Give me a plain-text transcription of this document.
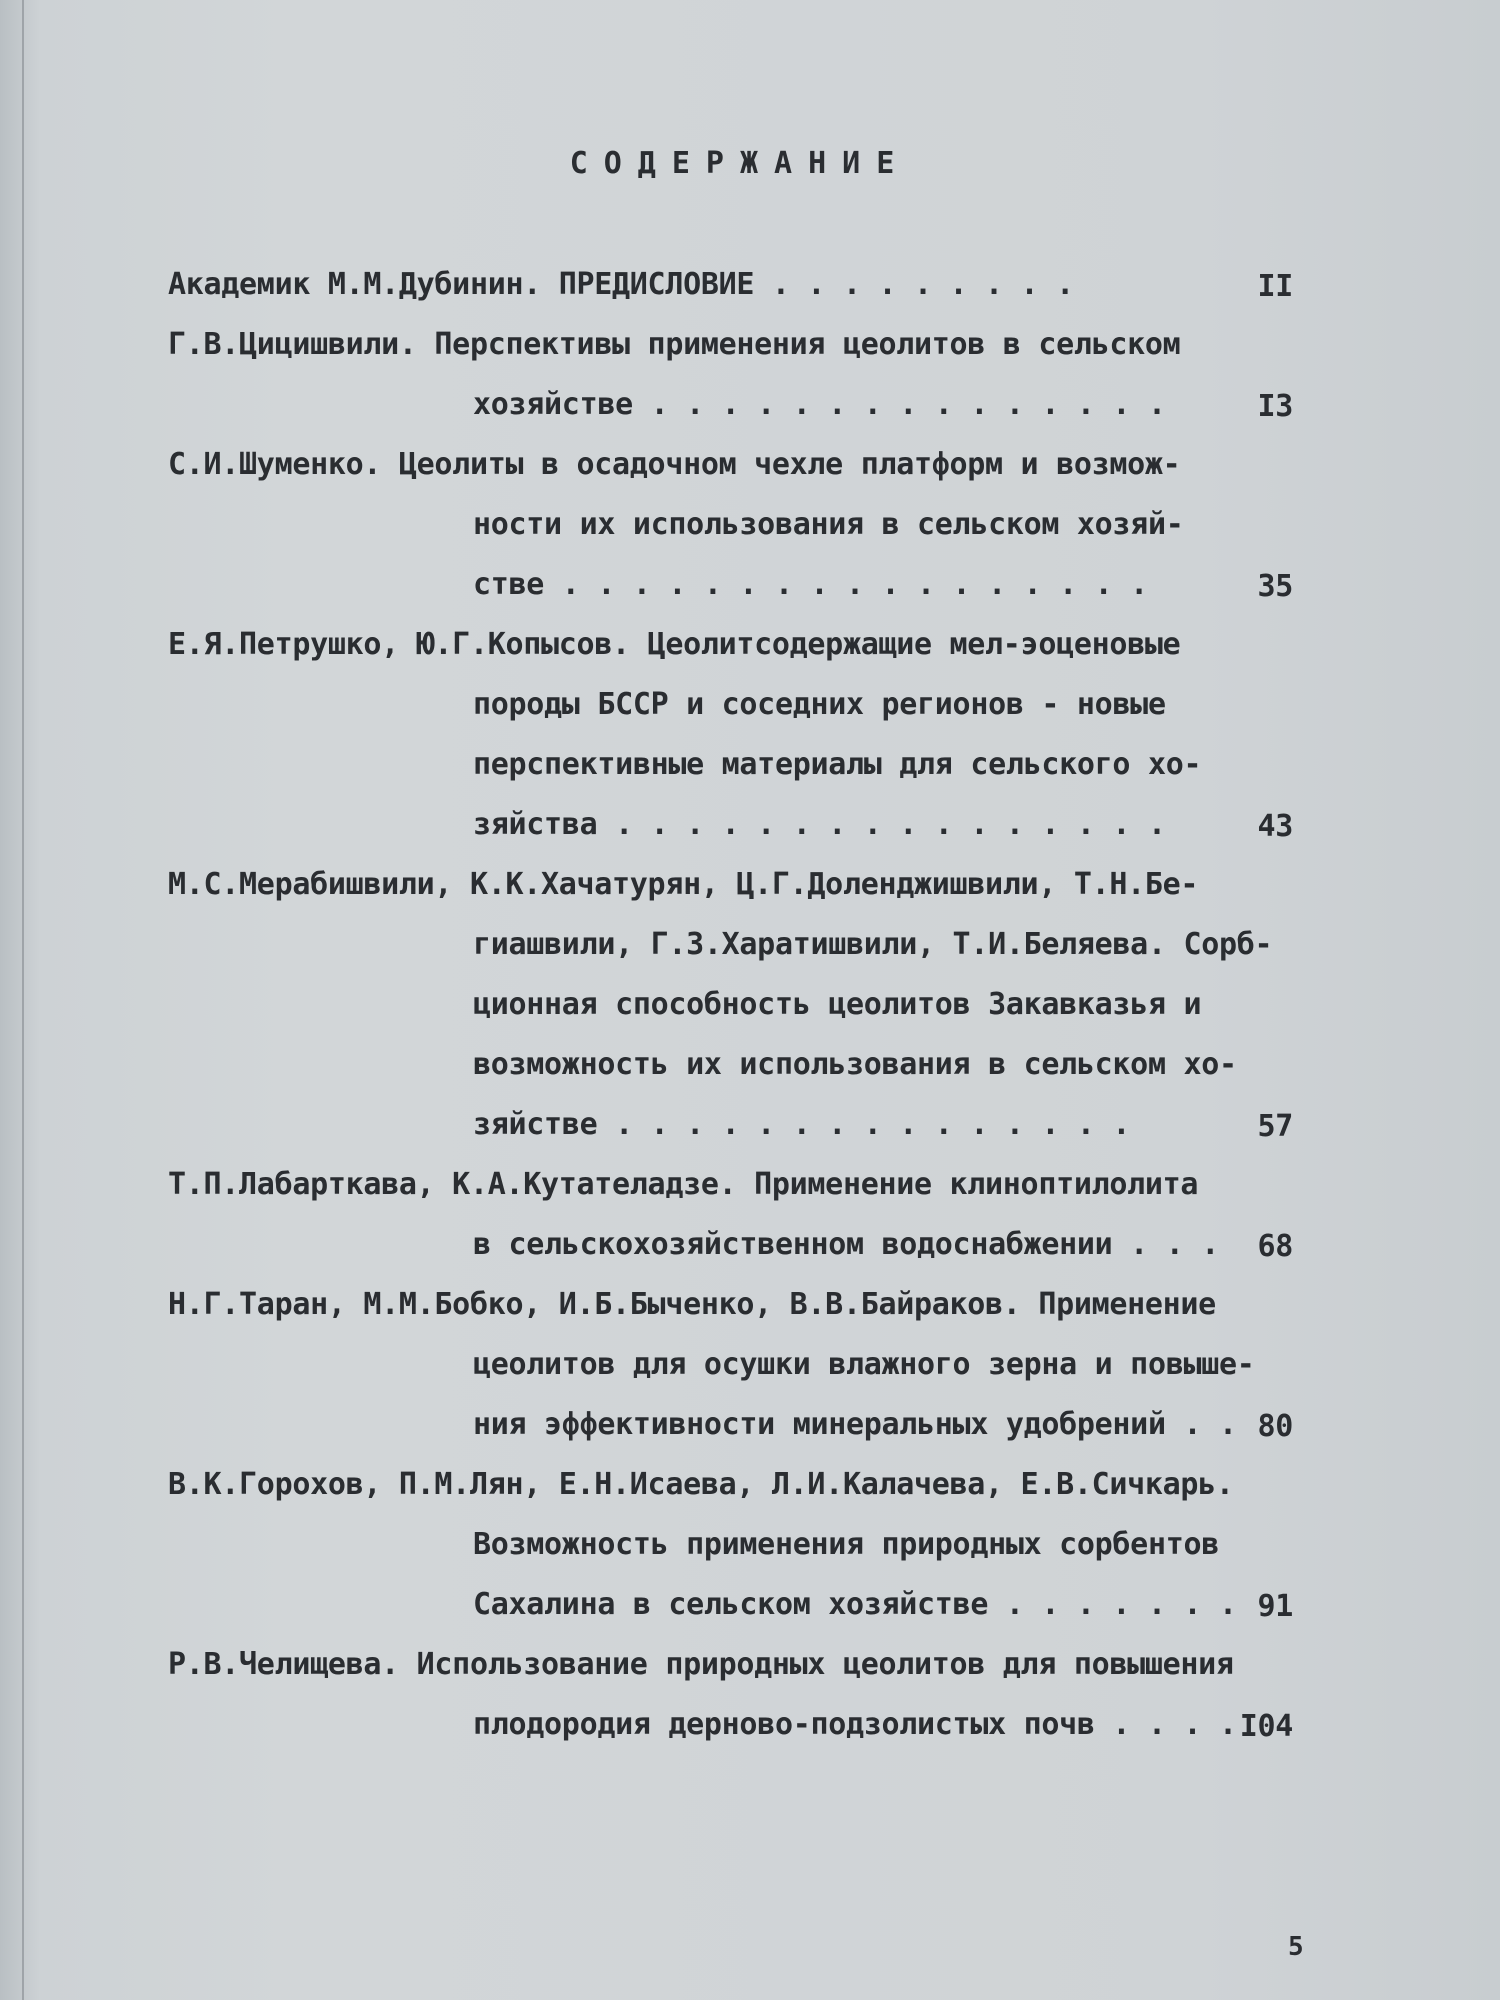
СОДЕРЖАНИЕ
Академик М.М.Дубинин. ПРЕДИСЛОВИЕ . . . . . . . . .	II
Г.В.Цицишвили. Перспективы применения цеолитов в сельском
хозяйстве . . . . . . . . . . . . . . .	I3
С.И.Шуменко. Цеолиты в осадочном чехле платформ и возмож-
ности их использования в сельском хозяй-
стве . . . . . . . . . . . . . . . . .	35
Е.Я.Петрушко, Ю.Г.Копысов. Цеолитсодержащие мел-эоценовые
породы БССР и соседних регионов - новые
перспективные материалы для сельского хо-
зяйства . . . . . . . . . . . . . . . .	43
М.С.Мерабишвили, К.К.Хачатурян, Ц.Г.Доленджишвили, Т.Н.Бе-
гиашвили, Г.З.Харатишвили, Т.И.Беляева. Сорб-
ционная способность цеолитов Закавказья и
возможность их использования в сельском хо-
зяйстве . . . . . . . . . . . . . . .	57
Т.П.Лабарткава, К.А.Кутателадзе. Применение клиноптилолита
в сельскохозяйственном водоснабжении . . . 68
Н.Г.Таран, М.М.Бобко, И.Б.Быченко, В.В.Байраков. Применение
цеолитов для осушки влажного зерна и повыше-
ния эффективности минеральных удобрений . . 80
В.К.Горохов, П.М.Лян, Е.Н.Исаева, Л.И.Калачева, Е.В.Сичкарь.
Возможность применения природных сорбентов
Сахалина в сельском хозяйстве . . . . . . . 91
Р.В.Челищева. Использование природных цеолитов для повышения
плодородия дерново-подзолистых почв . . . . I04
5
